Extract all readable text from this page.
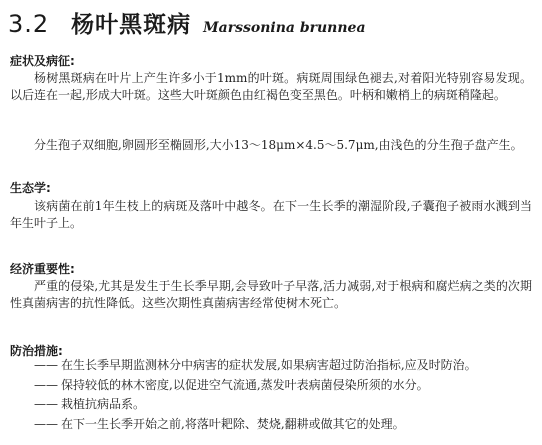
3.2 杨叶黑斑病 Marssonina brunnea
症状及病征:

杨树黑斑病在叶片上产生许多小于1mm的叶斑。病斑周围绿色褪去,对着阳光特别容易发现。以后连在一起,形成大叶斑。这些大叶斑颜色由红褐色变至黑色。叶柄和嫩梢上的病斑稍隆起。

分生孢子双细胞,卵圆形至椭圆形,大小13～18μm×4.5～5.7μm,由浅色的分生孢子盘产生。

生态学:

该病菌在前1年生枝上的病斑及落叶中越冬。在下一生长季的潮湿阶段,子囊孢子被雨水溅到当年生叶子上。

经济重要性:

严重的侵染,尤其是发生于生长季早期,会导致叶子早落,活力减弱,对于根病和腐烂病之类的次期性真菌病害的抗性降低。这些次期性真菌病害经常使树木死亡。

防治措施:
—— 在生长季早期监测林分中病害的症状发展,如果病害超过防治指标,应及时防治。
—— 保持较低的林木密度,以促进空气流通,蒸发叶表病菌侵染所须的水分。
—— 栽植抗病品系。
—— 在下一生长季开始之前,将落叶耙除、焚烧,翻耕或做其它的处理。
